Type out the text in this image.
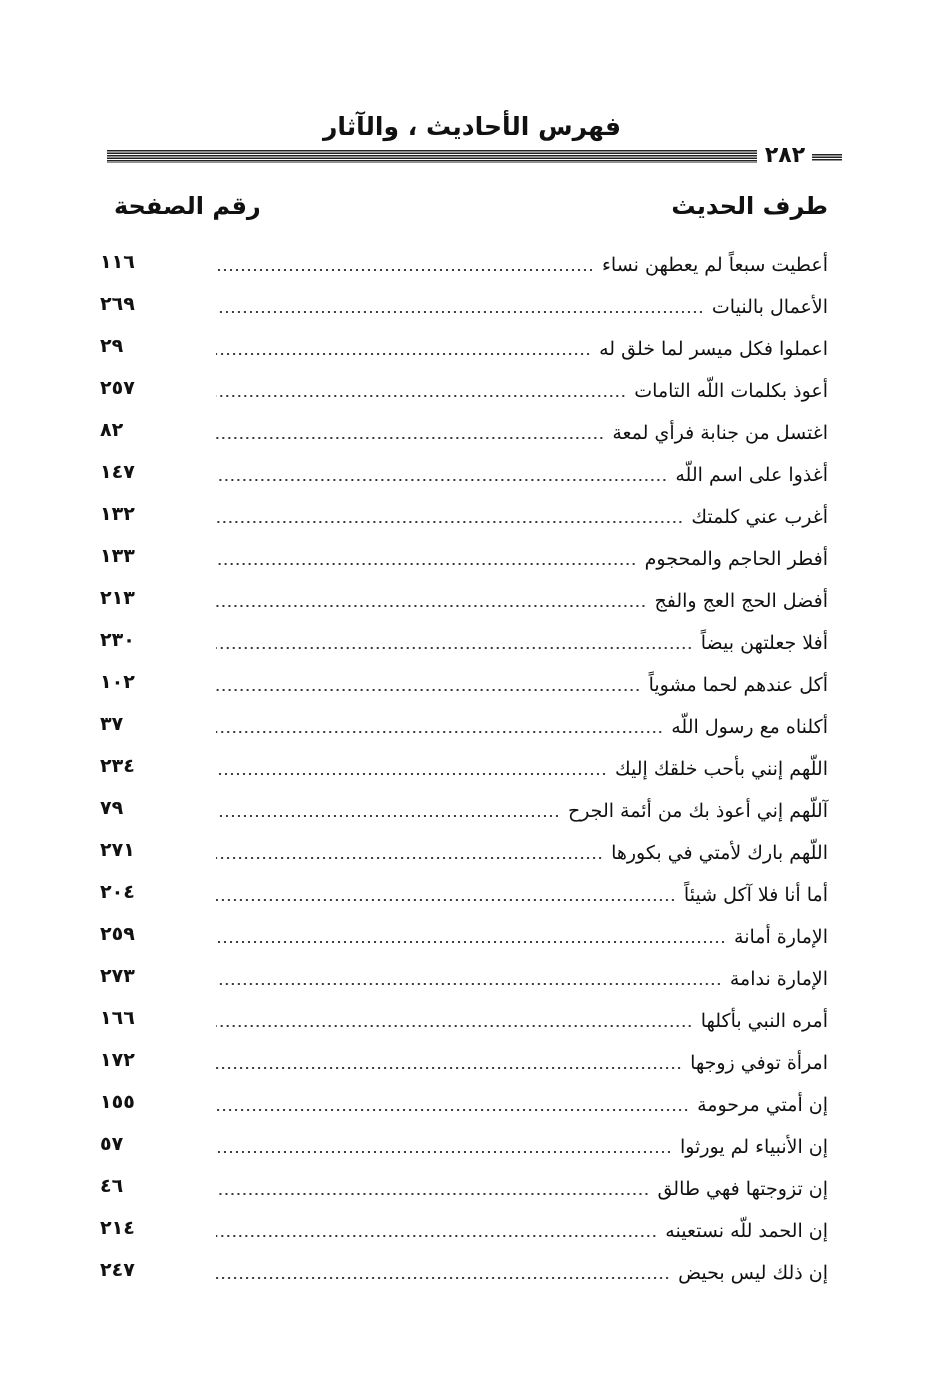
فهرس الأحاديث ، والآثار
٢٨٢
طرف الحديث
رقم الصفحة
أعطيت سبعاً لم يعطهن نساء
١١٦
الأعمال بالنيات
٢٦٩
اعملوا فكل ميسر لما خلق له
٢٩
أعوذ بكلمات اللّه التامات
٢٥٧
اغتسل من جنابة فرأي لمعة
٨٢
أغذوا على اسم اللّه
١٤٧
أغرب عني كلمتك
١٣٢
أفطر الحاجم والمحجوم
١٣٣
أفضل الحج العج والفج
٢١٣
أفلا جعلتهن بيضاً
٢٣٠
أكل عندهم لحما مشوياً
١٠٢
أكلناه مع رسول اللّه
٣٧
اللّهم إنني بأحب خلقك إليك
٢٣٤
آللّهم إني أعوذ بك من أئمة الجرح
٧٩
اللّهم بارك لأمتي في بكورها
٢٧١
أما أنا فلا آكل شيئاً
٢٠٤
الإمارة أمانة
٢٥٩
الإمارة ندامة
٢٧٣
أمره النبي بأكلها
١٦٦
امرأة توفي زوجها
١٧٢
إن أمتي مرحومة
١٥٥
إن الأنبياء لم يورثوا
٥٧
إن تزوجتها فهي طالق
٤٦
إن الحمد للّه نستعينه
٢١٤
إن ذلك ليس بحيض
٢٤٧
